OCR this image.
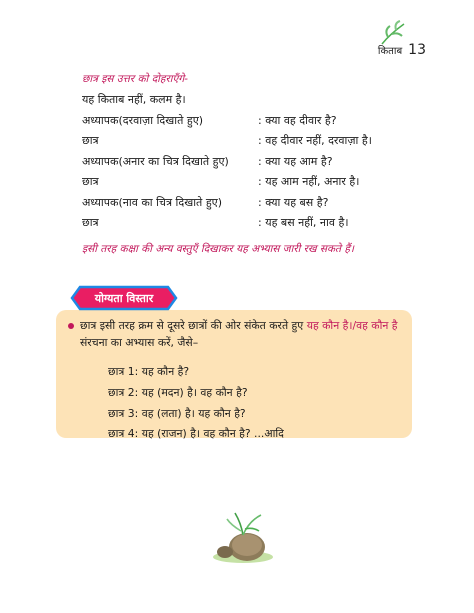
किताब 13
छात्र इस उत्तर को दोहराएँगे-
यह किताब नहीं, कलम है।
अध्यापक(दरवाज़ा दिखाते हुए)	: क्या वह दीवार है?
छात्र	: वह दीवार नहीं, दरवाज़ा है।
अध्यापक(अनार का चित्र दिखाते हुए)	: क्या यह आम है?
छात्र	: यह आम नहीं, अनार है।
अध्यापक(नाव का चित्र दिखाते हुए)	: क्या यह बस है?
छात्र	: यह बस नहीं, नाव है।
इसी तरह कक्षा की अन्य वस्तुएँ दिखाकर यह अभ्यास जारी रख सकते हैं।
छात्र इसी तरह क्रम से दूसरे छात्रों की ओर संकेत करते हुए यह कौन है।/वह कौन है संरचना का अभ्यास करें, जैसे–
छात्र 1: यह कौन है?
छात्र 2: यह (मदन) है। वह कौन है?
छात्र 3: वह (लता) है। यह कौन है?
छात्र 4: यह (राजन) है। वह कौन है? ...आदि
योग्यता विस्तार
